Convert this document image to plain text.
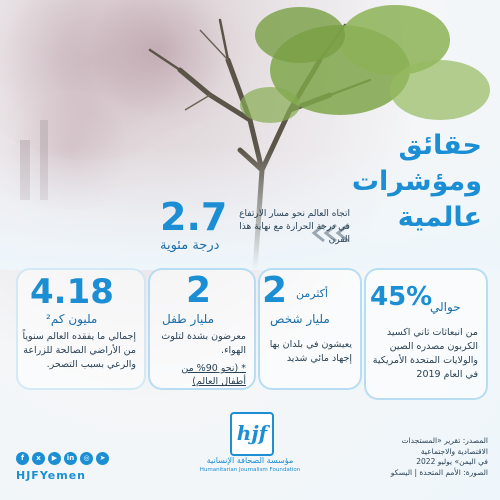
حقائق
ومؤشرات
عالمية
2.7
درجة مئوية
اتجاه العالم نحو مسار الارتفاع في درجة الحرارة مع نهاية هذا القرن
45%
حوالي
من انبعاثات ثاني اكسيد الكربون مصدره الصين والولايات المتحدة الأمريكية في العام 2019
2 أكثرمن
مليار شخص
يعيشون في بلدان بها إجهاد مائي شديد
2
مليار طفل
معرضون بشدة لتلوث الهواء.
* (نحو 90% من أطفال العالم)
4.18
مليون كم²
إجمالي ما يفقده العالم سنوياً من الأراضي الصالحة للزراعة والرعي بسبب التصحر.
المصدر: تقرير «المستجدات
الاقتصادية والاجتماعية
في اليمن» يوليو 2022
الصورة: الأمم المتحدة | اليسكو
hjf
مؤسسة الصحافة الإنسانية
Humanitarian Journalism Foundation
f	x	▶	in	◎	➤
HJFYemen
